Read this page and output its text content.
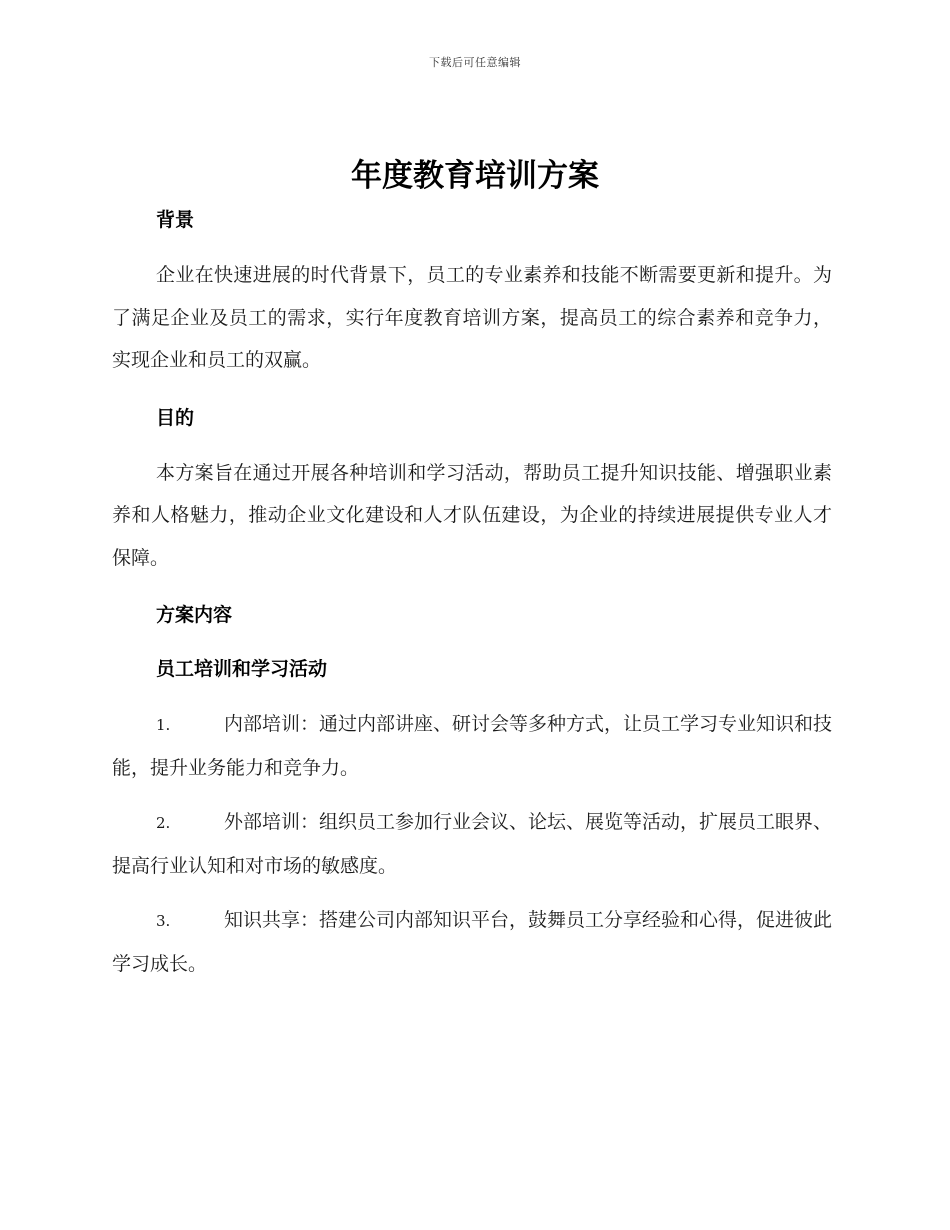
下载后可任意编辑
年度教育培训方案
背景

企业在快速进展的时代背景下，员工的专业素养和技能不断需要更新和提升。为了满足企业及员工的需求，实行年度教育培训方案，提高员工的综合素养和竞争力，实现企业和员工的双赢。

目的

本方案旨在通过开展各种培训和学习活动，帮助员工提升知识技能、增强职业素养和人格魅力，推动企业文化建设和人才队伍建设，为企业的持续进展提供专业人才保障。

方案内容
员工培训和学习活动

1.	内部培训：通过内部讲座、研讨会等多种方式，让员工学习专业知识和技能，提升业务能力和竞争力。

2.	外部培训：组织员工参加行业会议、论坛、展览等活动，扩展员工眼界、提高行业认知和对市场的敏感度。

3.	知识共享：搭建公司内部知识平台，鼓舞员工分享经验和心得，促进彼此学习成长。
